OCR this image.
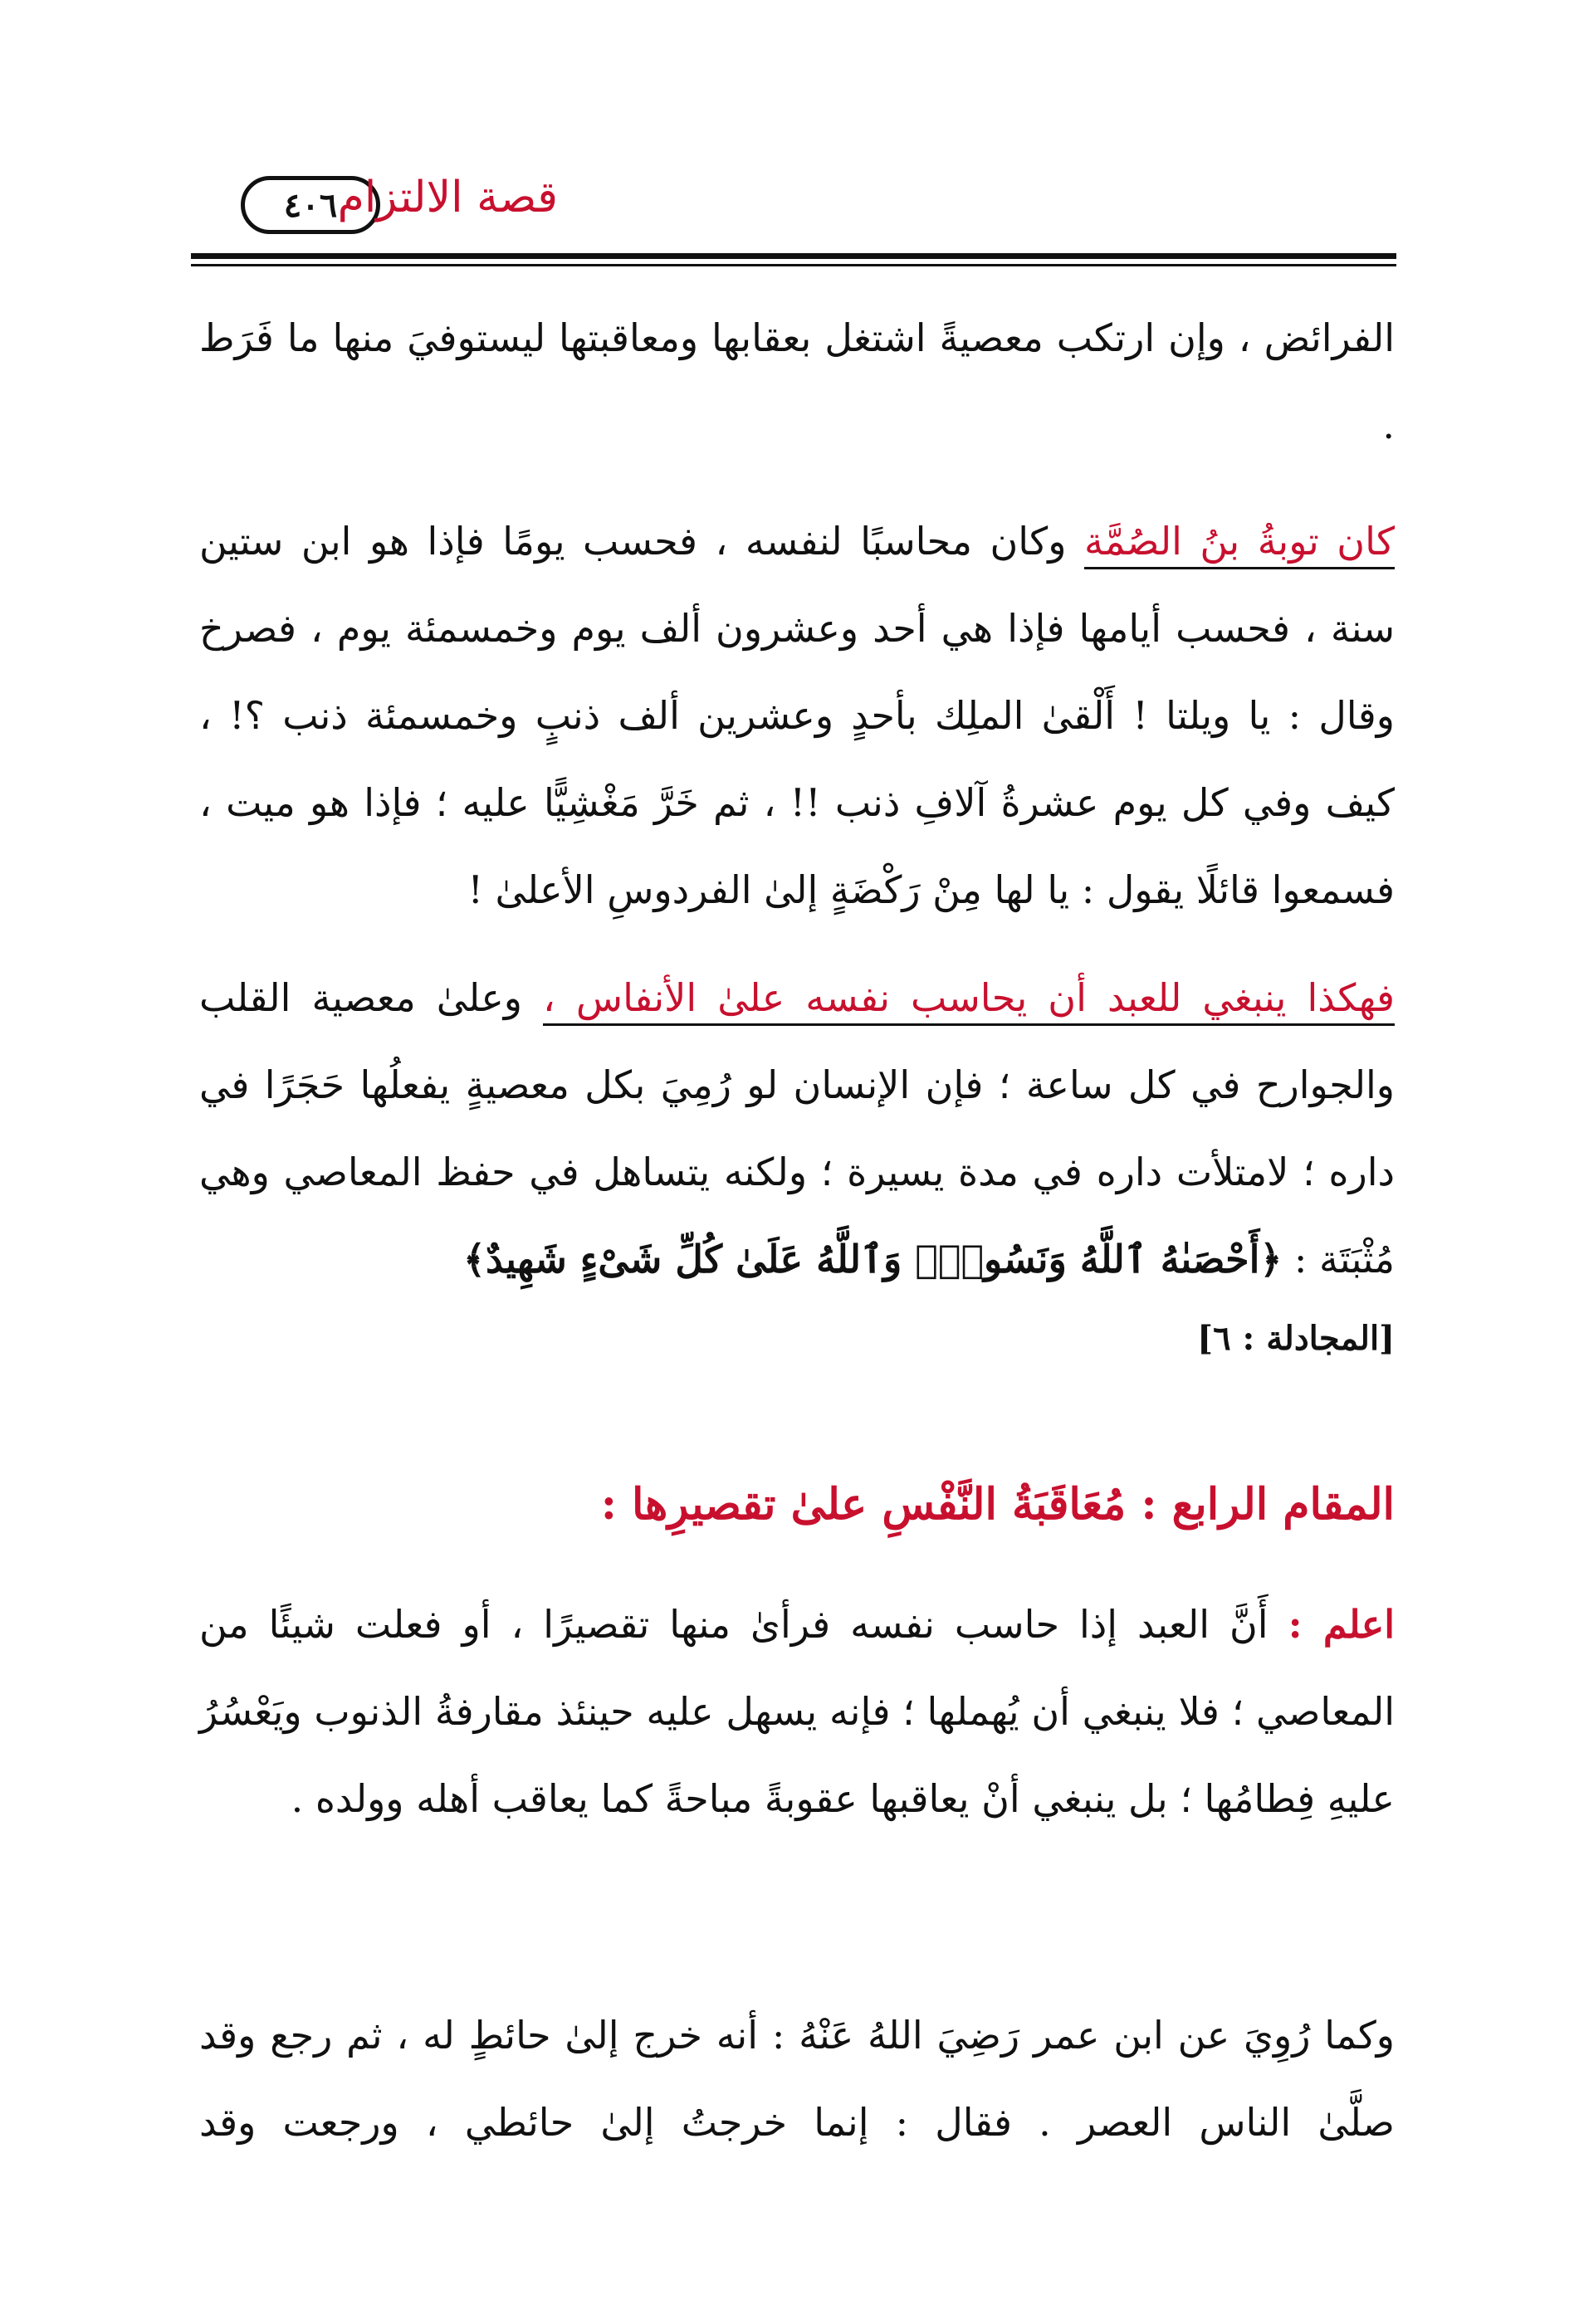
٤٠٦ قصة الالتزام

الفرائض ، وإن ارتكب معصيةً اشتغل بعقابها ومعاقبتها ليستوفيَ منها ما فَرَط .

كان توبةُ بنُ الصُمَّة وكان محاسبًا لنفسه ، فحسب يومًا فإذا هو ابن ستين سنة ، فحسب أيامها فإذا هي أحد وعشرون ألف يوم وخمسمئة يوم ، فصرخ وقال : يا ويلتا ! أَلْقىٰ الملِك بأحدٍ وعشرين ألف ذنبٍ وخمسمئة ذنب ؟! ، كيف وفي كل يوم عشرةُ آلافِ ذنب !! ، ثم خَرَّ مَغْشِيًّا عليه ؛ فإذا هو ميت ، فسمعوا قائلًا يقول : يا لها مِنْ رَكْضَةٍ إلىٰ الفردوسِ الأعلىٰ !

فهكذا ينبغي للعبد أن يحاسب نفسه علىٰ الأنفاس ، وعلىٰ معصية القلب والجوارح في كل ساعة ؛ فإن الإنسان لو رُمِيَ بكل معصيةٍ يفعلُها حَجَرًا في داره ؛ لامتلأت داره في مدة يسيرة ؛ ولكنه يتساهل في حفظ المعاصي وهي مُثْبَتَة : ﴿أَحْصَىٰهُ ٱللَّهُ وَنَسُوهُۚ وَٱللَّهُ عَلَىٰ كُلِّ شَىْءٍ شَهِيدٌ﴾

[المجادلة : ٦]

المقام الرابع : مُعَاقَبَةُ النَّفْسِ علىٰ تقصيرِها :

اعلم : أَنَّ العبد إذا حاسب نفسه فرأىٰ منها تقصيرًا ، أو فعلت شيئًا من المعاصي ؛ فلا ينبغي أن يُهملها ؛ فإنه يسهل عليه حينئذ مقارفةُ الذنوب ويَعْسُرُ عليهِ فِطامُها ؛ بل ينبغي أنْ يعاقبها عقوبةً مباحةً كما يعاقب أهله وولده .

وكما رُوِيَ عن ابن عمر رَضِيَ اللهُ عَنْهُ : أنه خرج إلىٰ حائطٍ له ، ثم رجع وقد صلَّىٰ الناس العصر . فقال : إنما خرجتُ إلىٰ حائطي ، ورجعت وقد
